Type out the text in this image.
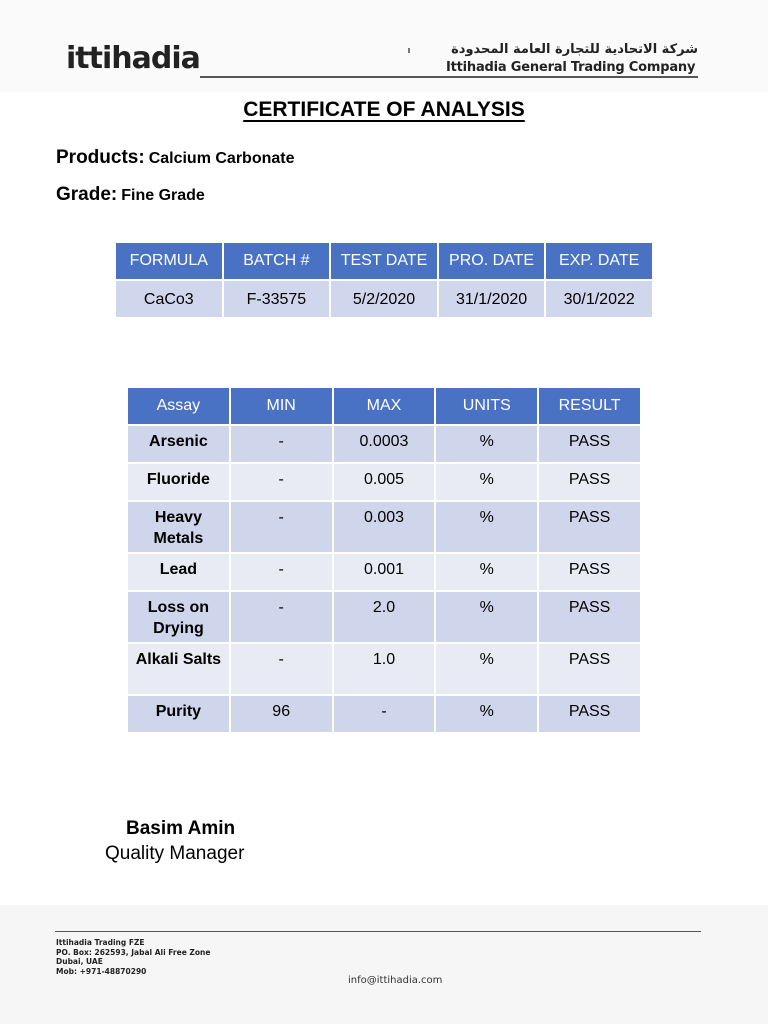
ittihadia	شركة الاتحادية للتجارة العامة المحدودة
Ittihadia General Trading Company
CERTIFICATE OF ANALYSIS
Products: Calcium Carbonate
Grade: Fine Grade
FORMULA	BATCH #	TEST DATE	PRO. DATE	EXP. DATE
CaCo3	F-33575	5/2/2020	31/1/2020	30/1/2022
Assay	MIN	MAX	UNITS	RESULT
Arsenic	-	0.0003	%	PASS
Fluoride	-	0.005	%	PASS
Heavy Metals	-	0.003	%	PASS
Lead	-	0.001	%	PASS
Loss on Drying	-	2.0	%	PASS
Alkali Salts	-	1.0	%	PASS
Purity	96	-	%	PASS
Basim Amin
Quality Manager
Ittihadia Trading FZE
PO. Box: 262593, Jabal Ali Free Zone
Dubai, UAE
Mob: +971-48870290
info@ittihadia.com
